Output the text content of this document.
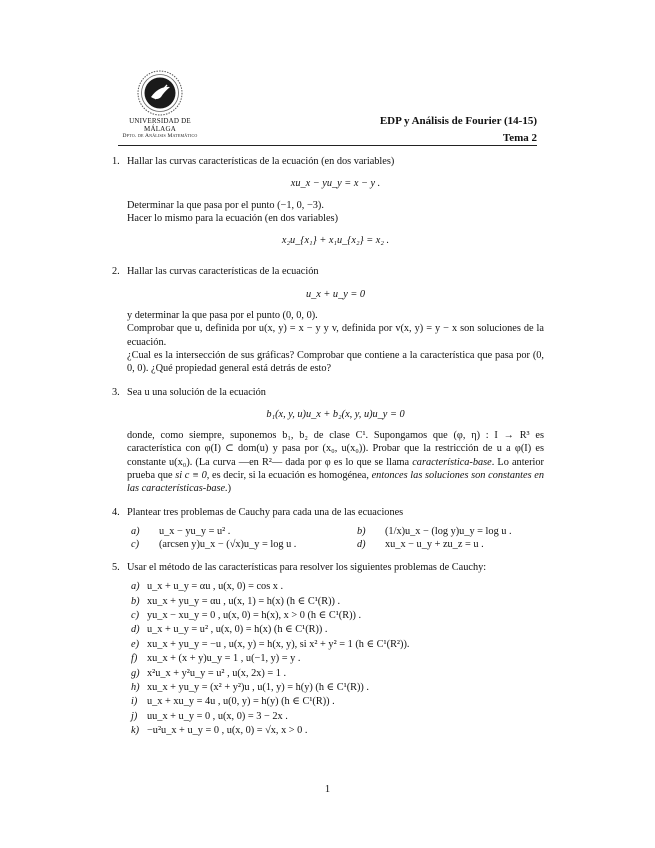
UNIVERSIDAD DE MÁLAGA
Dpto. de Análisis Matemático
EDP y Análisis de Fourier (14-15)
Tema 2
1. Hallar las curvas características de la ecuación (en dos variables)
xu_x − yu_y = x − y .
Determinar la que pasa por el punto (−1, 0, −3).
Hacer lo mismo para la ecuación (en dos variables)
x₂u_{x₁} + x₁u_{x₂} = x₂ .
2. Hallar las curvas características de la ecuación
u_x + u_y = 0
y determinar la que pasa por el punto (0, 0, 0).
Comprobar que u, definida por u(x, y) = x − y y v, definida por v(x, y) = y − x son soluciones de la ecuación.
¿Cual es la intersección de sus gráficas? Comprobar que contiene a la característica que pasa por (0, 0, 0). ¿Qué propiedad general está detrás de esto?
3. Sea u una solución de la ecuación
b₁(x, y, u)u_x + b₂(x, y, u)u_y = 0
donde, como siempre, suponemos b₁, b₂ de clase C¹. Supongamos que (φ, η) : I → R³ es característica con φ(I) ⊂ dom(u) y pasa por (x₀, u(x₀)). Probar que la restricción de u a φ(I) es constante u(x₀). (La curva —en R²— dada por φ es lo que se llama característica-base. Lo anterior prueba que si c ≡ 0, es decir, si la ecuación es homogénea, entonces las soluciones son constantes en las características-base.)
4. Plantear tres problemas de Cauchy para cada una de las ecuaciones
a)	u_x − yu_y = u² .	b)	(1/x)u_x − (log y)u_y = log u .
c)	(arcsen y)u_x − (√x)u_y = log u .	d)	xu_x − u_y + zu_z = u .
5. Usar el método de las características para resolver los siguientes problemas de Cauchy:
a) u_x + u_y = αu , u(x, 0) = cos x .
b) xu_x + yu_y = αu , u(x, 1) = h(x) (h ∈ C¹(R)) .
c) yu_x − xu_y = 0 , u(x, 0) = h(x), x > 0 (h ∈ C¹(R)) .
d) u_x + u_y = u² , u(x, 0) = h(x) (h ∈ C¹(R)) .
e) xu_x + yu_y = −u , u(x, y) = h(x, y), si x² + y² = 1 (h ∈ C¹(R²)).
f) xu_x + (x + y)u_y = 1 , u(−1, y) = y .
g) x²u_x + y²u_y = u² , u(x, 2x) = 1 .
h) xu_x + yu_y = (x² + y²)u , u(1, y) = h(y) (h ∈ C¹(R)) .
i) u_x + xu_y = 4u , u(0, y) = h(y) (h ∈ C¹(R)) .
j) uu_x + u_y = 0 , u(x, 0) = 3 − 2x .
k) −u²u_x + u_y = 0 , u(x, 0) = √x, x > 0 .
1
